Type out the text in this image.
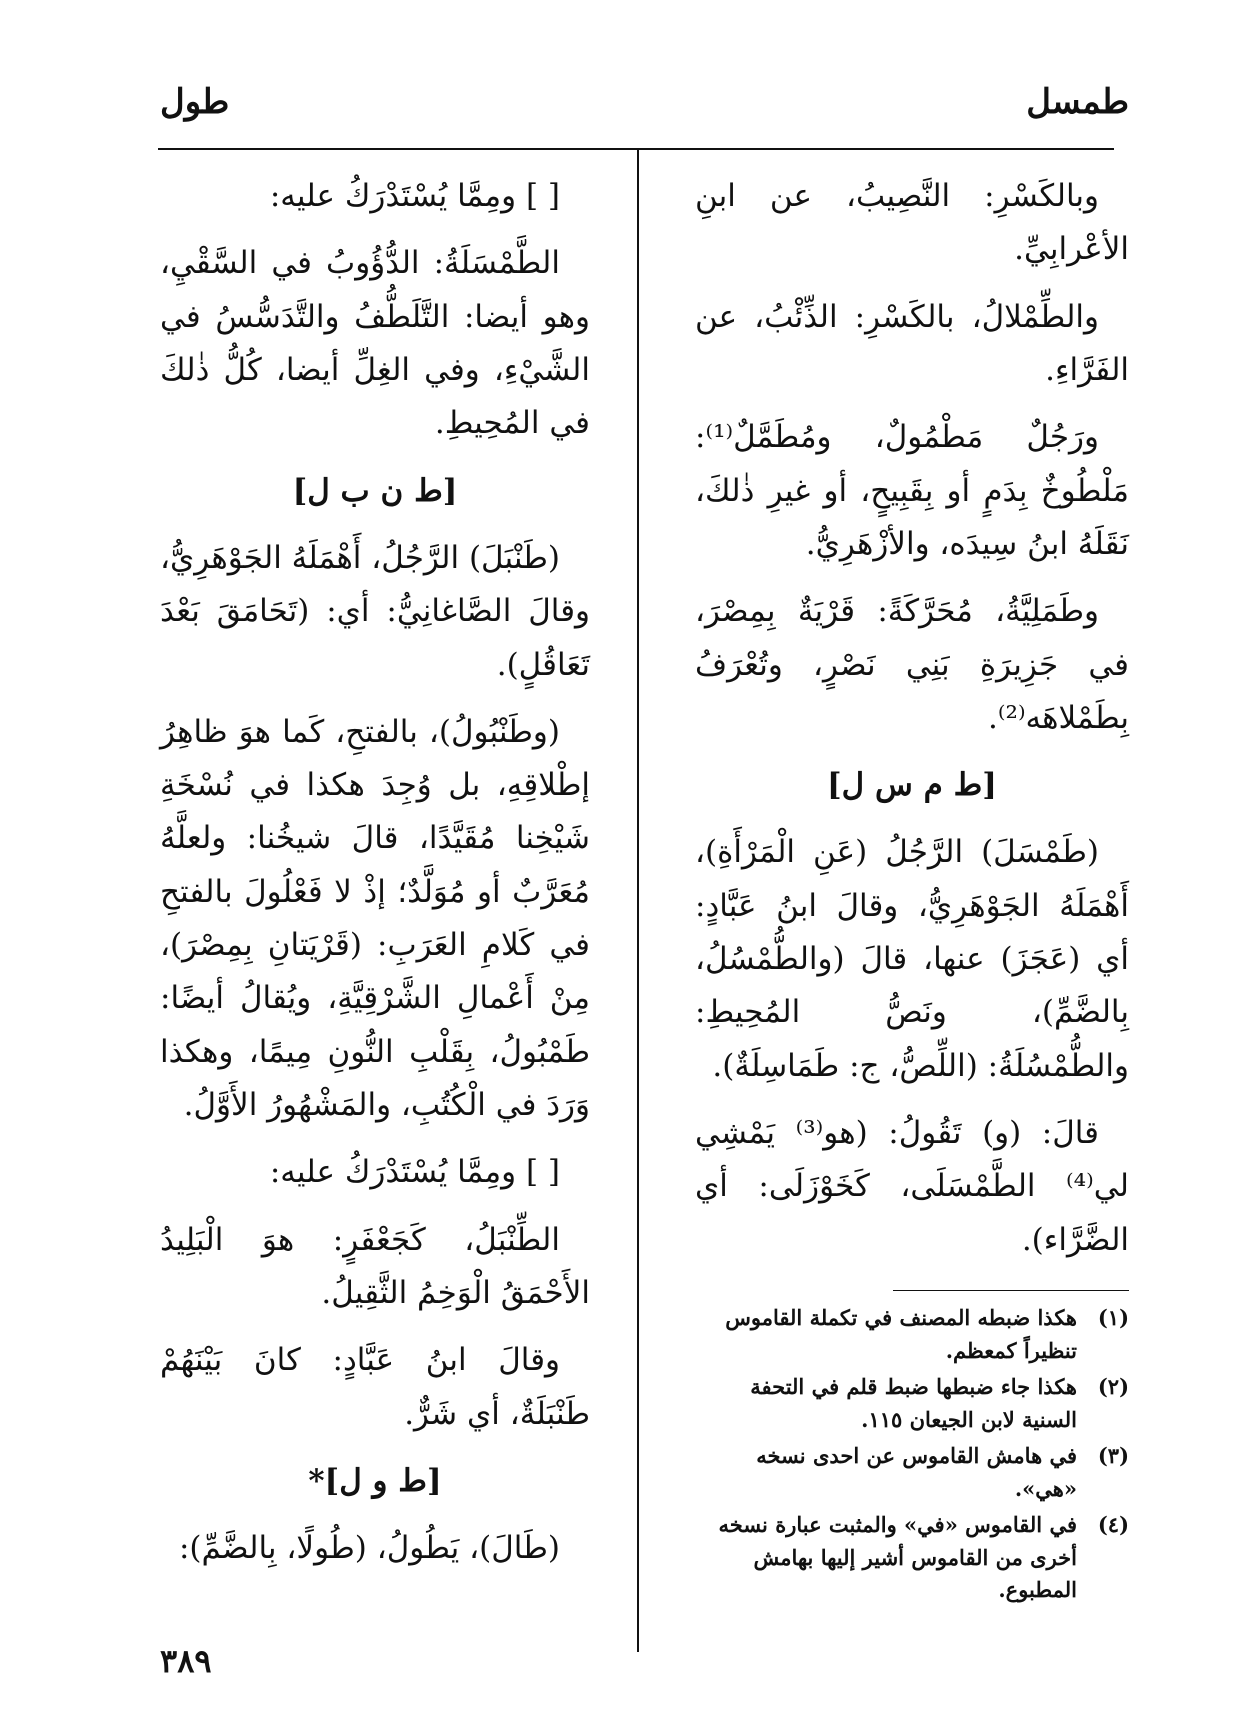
طمسل
طول

وبالكَسْرِ: النَّصِيبُ، عن ابنِ الأعْرابِيِّ.

والطِّمْلالُ، بالكَسْرِ: الذِّئْبُ، عن الفَرَّاءِ.

ورَجُلٌ مَطْمُولٌ، ومُطَمَّلٌ⁽¹⁾: مَلْطُوخٌ بِدَمٍ أو بِقَبِيحٍ، أو غيرِ ذٰلكَ، نَقَلَهُ ابنُ سِيدَه، والأزْهَرِيُّ.

وطَمَلِيَّةُ، مُحَرَّكَةً: قَرْيَةٌ بِمِصْرَ، في جَزِيرَةِ بَنِي نَصْرٍ، وتُعْرَفُ بِطَمْلاهَه⁽²⁾.

[ط م س ل]

(طَمْسَلَ) الرَّجُلُ (عَنِ الْمَرْأَةِ)، أَهْمَلَهُ الجَوْهَرِيُّ، وقالَ ابنُ عَبَّادٍ: أي (عَجَزَ) عنها، قالَ (والطُّمْسُلُ، بِالضَّمِّ)، ونَصُّ المُحِيطِ: والطُّمْسُلَةُ: (اللِّصُّ، ج: طَمَاسِلَةٌ).

قالَ: (و) تَقُولُ: (هو⁽³⁾ يَمْشِي لي⁽⁴⁾ الطَّمْسَلَى، كَخَوْزَلَى: أي الضَّرَّاء).

(١)
هكذا ضبطه المصنف في تكملة القاموس تنظيراً كمعظم.
(٢)
هكذا جاء ضبطها ضبط قلم في التحفة السنية لابن الجيعان ١١٥.
(٣)
في هامش القاموس عن احدى نسخه «هي».
(٤)
في القاموس «في» والمثبت عبارة نسخه أخرى من القاموس أشير إليها بهامش المطبوع.

[ ] ومِمَّا يُسْتَدْرَكُ عليه:

الطَّمْسَلَةُ: الدُّؤُوبُ في السَّقْيِ، وهو أيضا: التَّلَطُّفُ والتَّدَسُّسُ في الشَّيْءِ، وفي الغِلِّ أيضا، كُلُّ ذٰلكَ في المُحِيطِ.

[ط ن ب ل]

(طَنْبَلَ) الرَّجُلُ، أَهْمَلَهُ الجَوْهَرِيُّ، وقالَ الصَّاغانِيُّ: أي: (تَحَامَقَ بَعْدَ تَعَاقُلٍ).

(وطَنْبُولُ)، بالفتحِ، كَما هوَ ظاهِرُ إطْلاقِهِ، بل وُجِدَ هكذا في نُسْخَةِ شَيْخِنا مُقَيَّدًا، قالَ شيخُنا: ولعلَّهُ مُعَرَّبٌ أو مُوَلَّدٌ؛ إذْ لا فَعْلُولَ بالفتحِ في كَلامِ العَرَبِ: (قَرْيَتانِ بِمِصْرَ)، مِنْ أَعْمالِ الشَّرْقِيَّةِ، ويُقالُ أيضًا: طَمْبُولُ، بِقَلْبِ النُّونِ مِيمًا، وهكذا وَرَدَ في الْكُتُبِ، والمَشْهُورُ الأَوَّلُ.

[ ] ومِمَّا يُسْتَدْرَكُ عليه:

الطِّنْبَلُ، كَجَعْفَرٍ: هوَ الْبَلِيدُ الأَحْمَقُ الْوَخِمُ الثَّقِيلُ.

وقالَ ابنُ عَبَّادٍ: كانَ بَيْنَهُمْ طَنْبَلَةٌ، أي شَرٌّ.

[ط و ل]*

(طَالَ)، يَطُولُ، (طُولًا، بِالضَّمِّ):

٣٨٩
